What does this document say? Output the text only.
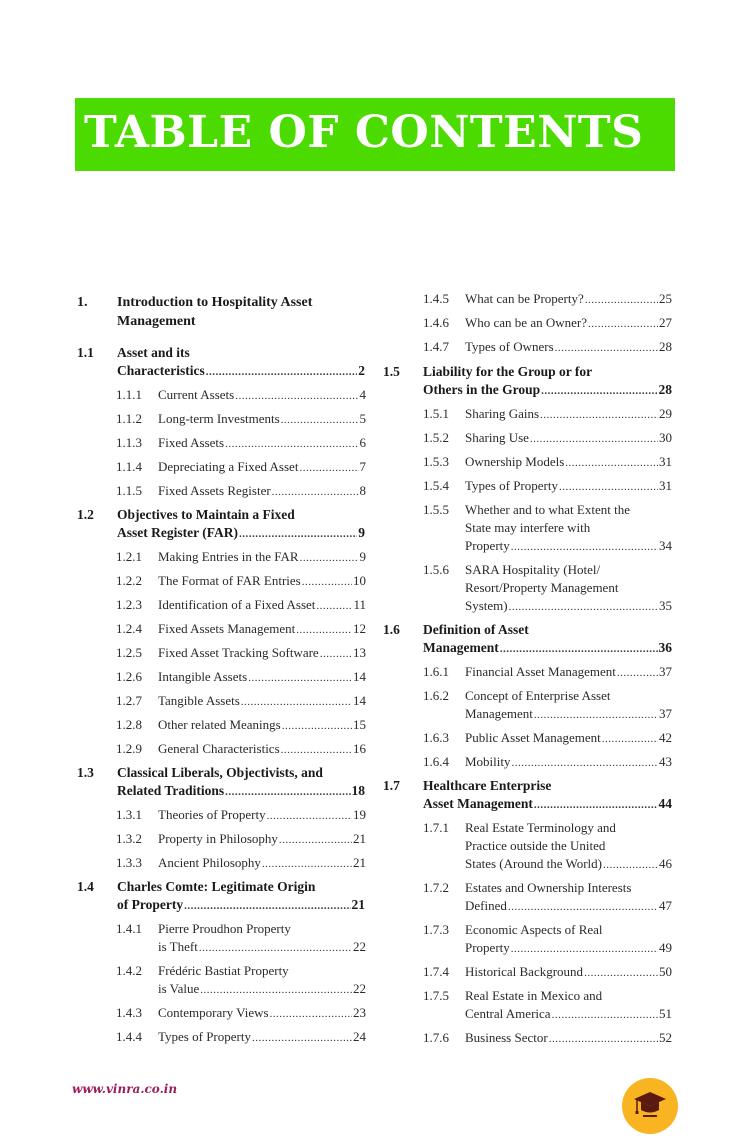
TABLE OF CONTENTS
1. Introduction to Hospitality Asset
Management
1.1 Asset and its
Characteristics .....	2
1.1.1 Current Assets .....	4
1.1.2 Long-term Investments .....	5
1.1.3 Fixed Assets .....	6
1.1.4 Depreciating a Fixed Asset .....	7
1.1.5 Fixed Assets Register .....	8
1.2 Objectives to Maintain a Fixed
Asset Register (FAR) .....	9
1.2.1 Making Entries in the FAR .....	9
1.2.2 The Format of FAR Entries .....	10
1.2.3 Identification of a Fixed Asset .....	11
1.2.4 Fixed Assets Management .....	12
1.2.5 Fixed Asset Tracking Software .....	13
1.2.6 Intangible Assets .....	14
1.2.7 Tangible Assets .....	14
1.2.8 Other related Meanings .....	15
1.2.9 General Characteristics .....	16
1.3 Classical Liberals, Objectivists, and
Related Traditions .....	18
1.3.1 Theories of Property .....	19
1.3.2 Property in Philosophy .....	21
1.3.3 Ancient Philosophy .....	21
1.4 Charles Comte: Legitimate Origin
of Property .....	21
1.4.1 Pierre Proudhon Property
is Theft .....	22
1.4.2 Frédéric Bastiat Property
is Value .....	22
1.4.3 Contemporary Views .....	23
1.4.4 Types of Property .....	24
1.4.5 What can be Property? .....	25
1.4.6 Who can be an Owner? .....	27
1.4.7 Types of Owners .....	28
1.5 Liability for the Group or for
Others in the Group .....	28
1.5.1 Sharing Gains .....	29
1.5.2 Sharing Use .....	30
1.5.3 Ownership Models .....	31
1.5.4 Types of Property .....	31
1.5.5 Whether and to what Extent the
State may interfere with
Property .....	34
1.5.6 SARA Hospitality (Hotel/
Resort/Property Management
System) .....	35
1.6 Definition of Asset
Management .....	36
1.6.1 Financial Asset Management .....	37
1.6.2 Concept of Enterprise Asset
Management .....	37
1.6.3 Public Asset Management .....	42
1.6.4 Mobility .....	43
1.7 Healthcare Enterprise
Asset Management .....	44
1.7.1 Real Estate Terminology and
Practice outside the United
States (Around the World) .....	46
1.7.2 Estates and Ownership Interests
Defined .....	47
1.7.3 Economic Aspects of Real
Property .....	49
1.7.4 Historical Background .....	50
1.7.5 Real Estate in Mexico and
Central America .....	51
1.7.6 Business Sector .....	52
www.vinra.co.in
